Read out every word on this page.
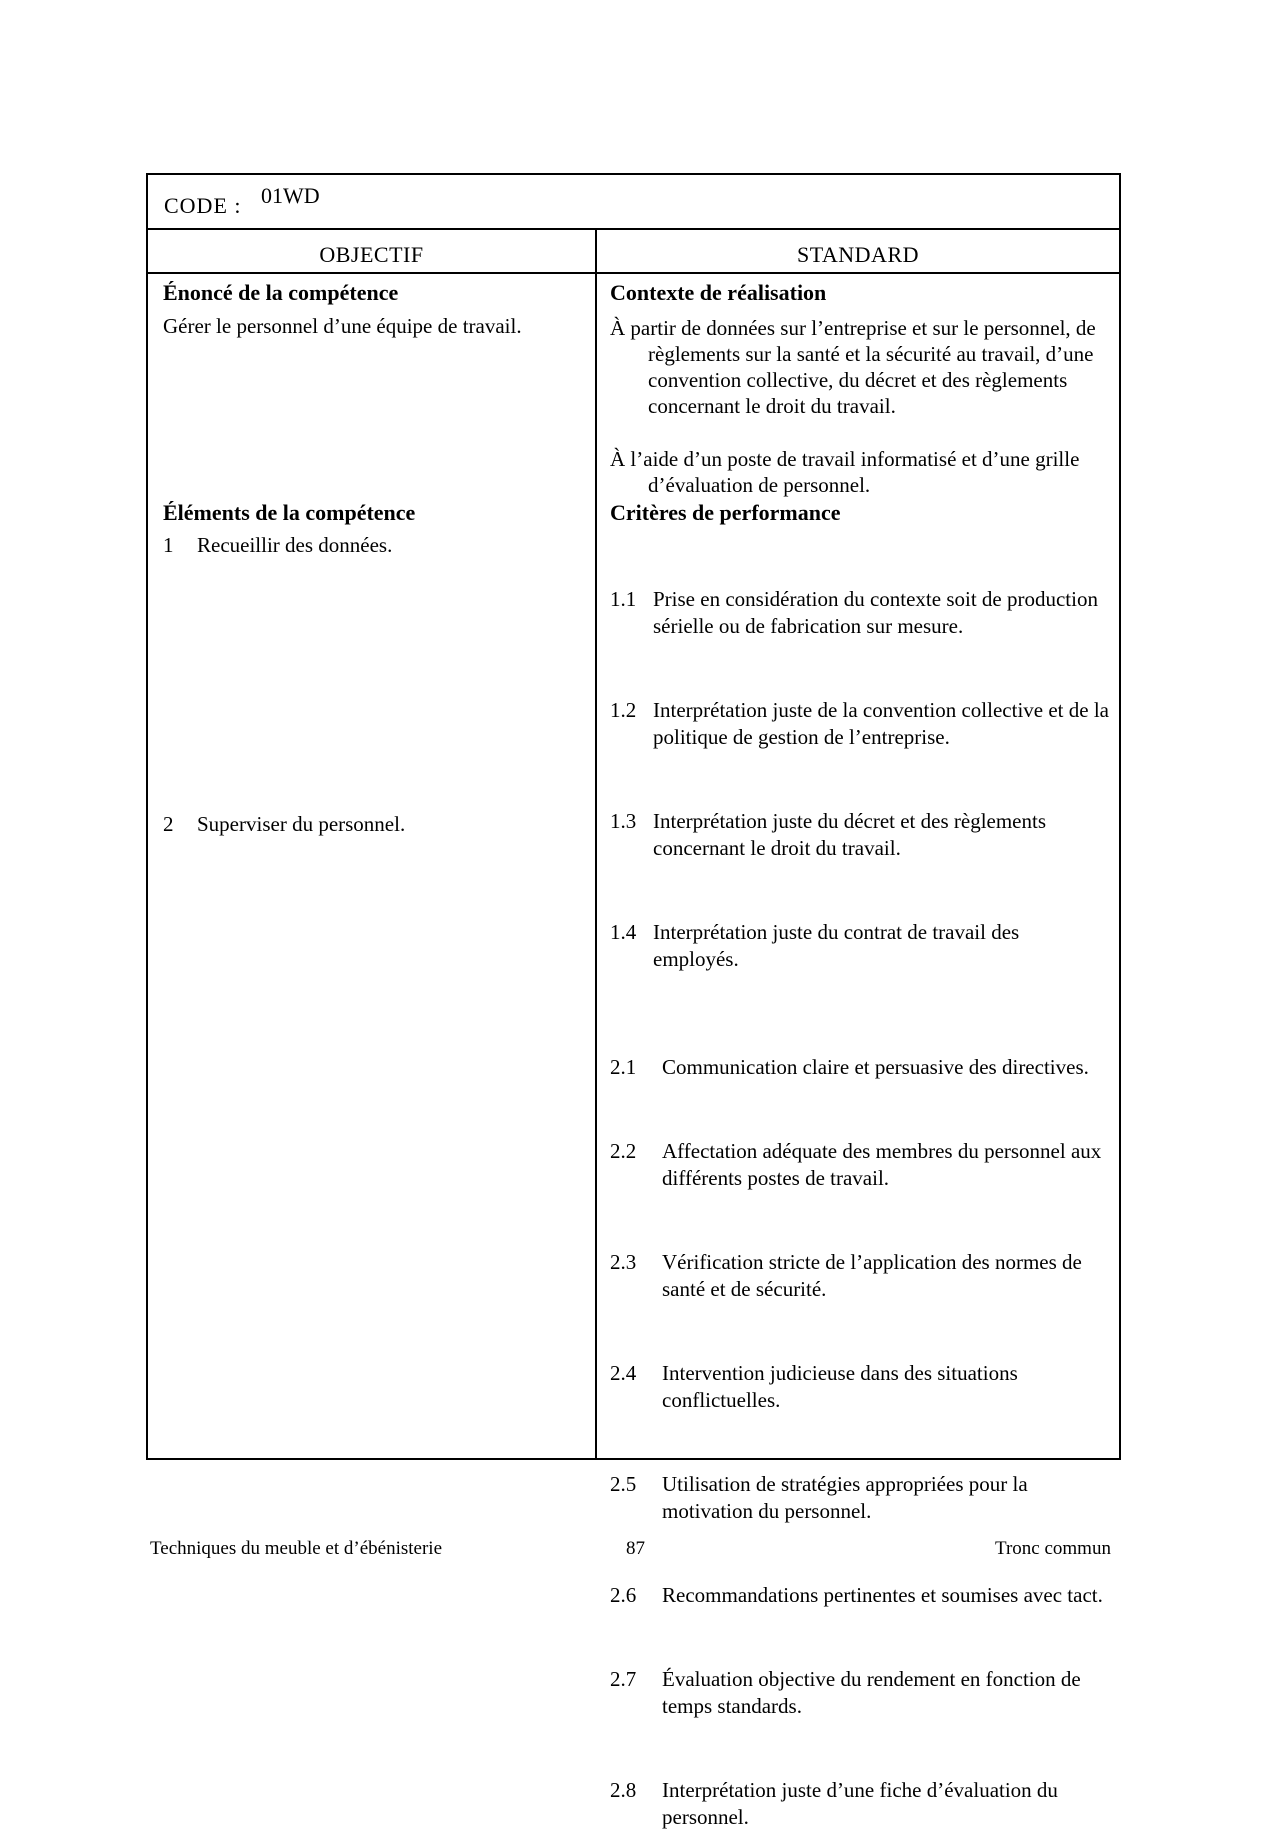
CODE : 01WD
OBJECTIF	STANDARD

Énoncé de la compétence

Gérer le personnel d’une équipe de travail.

Éléments de la compétence

1	Recueillir des données.
2	Superviser du personnel.

Contexte de réalisation

À partir de données sur l’entreprise et sur le personnel, de règlements sur la santé et la sécurité au travail, d’une convention collective, du décret et des règlements concernant le droit du travail.

À l’aide d’un poste de travail informatisé et d’une grille d’évaluation de personnel.

Critères de performance

1.1 Prise en considération du contexte soit de production sérielle ou de fabrication sur mesure.
1.2 Interprétation juste de la convention collective et de la politique de gestion de l’entreprise.
1.3 Interprétation juste du décret et des règlements concernant le droit du travail.
1.4 Interprétation juste du contrat de travail des employés.
2.1	Communication claire et persuasive des directives.
2.2	Affectation adéquate des membres du personnel aux différents postes de travail.
2.3	Vérification stricte de l’application des normes de santé et de sécurité.
2.4	Intervention judicieuse dans des situations conflictuelles.
2.5	Utilisation de stratégies appropriées pour la motivation du personnel.
2.6	Recommandations pertinentes et soumises avec tact.
2.7	Évaluation objective du rendement en fonction de temps standards.
2.8	Interprétation juste d’une fiche d’évaluation du personnel.
Techniques du meuble et d’ébénisterie	87	Tronc commun
